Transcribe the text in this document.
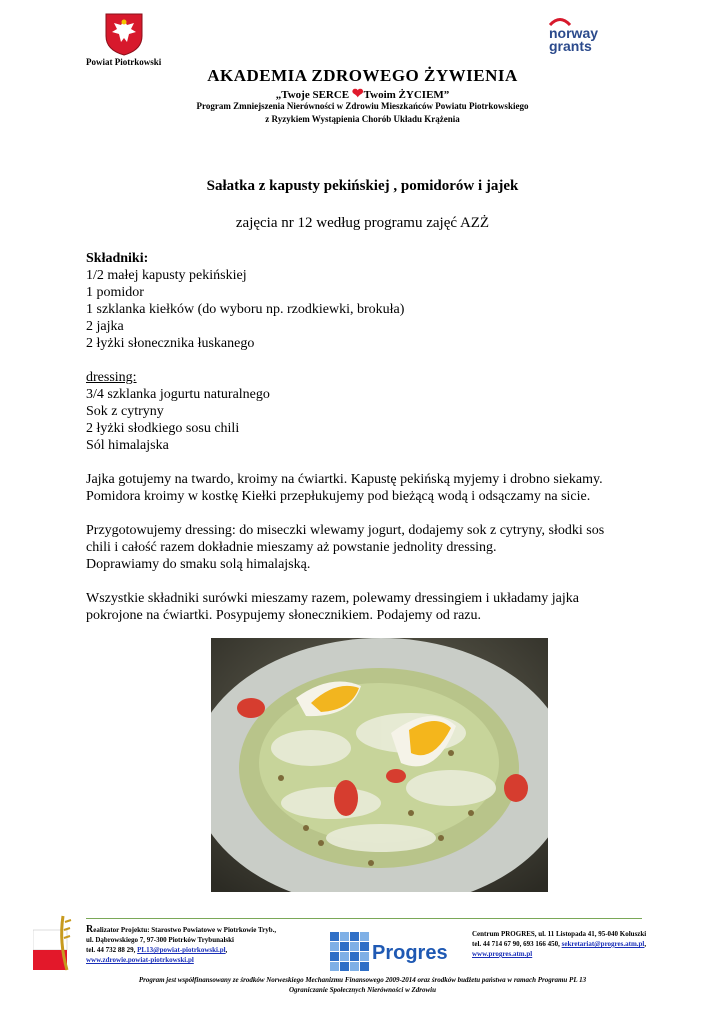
Powiat Piotrkowski
norway
grants
AKADEMIA ZDROWEGO ŻYWIENIA
„Twoje SERCE ❤Twoim ŻYCIEM”
Program Zmniejszenia Nierówności w Zdrowiu Mieszkańców Powiatu Piotrkowskiego
z Ryzykiem Wystąpienia Chorób Układu Krążenia
Sałatka z kapusty pekińskiej , pomidorów i jajek
zajęcia nr 12 według programu zajęć AZŻ

Składniki:

1/2 małej kapusty pekińskiej

1 pomidor

1 szklanka kiełków (do wyboru np. rzodkiewki, brokuła)

2 jajka

2 łyżki słonecznika łuskanego

dressing:

3/4 szklanka jogurtu naturalnego

Sok z cytryny

2 łyżki słodkiego sosu chili

Sól himalajska

Jajka gotujemy na twardo, kroimy na ćwiartki. Kapustę pekińską myjemy i drobno siekamy.

Pomidora kroimy w kostkę Kiełki przepłukujemy pod bieżącą wodą i odsączamy na sicie.

Przygotowujemy dressing: do miseczki wlewamy jogurt, dodajemy sok z cytryny, słodki sos

chili i całość razem dokładnie mieszamy aż powstanie jednolity dressing.

Doprawiamy do smaku solą himalajską.

Wszystkie składniki surówki mieszamy razem, polewamy dressingiem i układamy jajka

pokrojone na ćwiartki. Posypujemy słonecznikiem. Podajemy od razu.

Realizator Projektu: Starostwo Powiatowe w Piotrkowie Tryb.,
ul. Dąbrowskiego 7, 97-300 Piotrków Trybunalski
tel. 44 732 88 29, PL13@powiat-piotrkowski.pl,
www.zdrowie.powiat-piotrkowski.pl	Progres
Centrum PROGRES, ul. 11 Listopada 41, 95-040 Koluszki
tel. 44 714 67 90, 693 166 450, sekretariat@progres.atm.pl,
www.progres.atm.pl
Program jest współfinansowany ze środków Norweskiego Mechanizmu Finansowego 2009-2014 oraz środków budżetu państwa w ramach Programu PL 13
Ograniczanie Społecznych Nierówności w Zdrowiu
